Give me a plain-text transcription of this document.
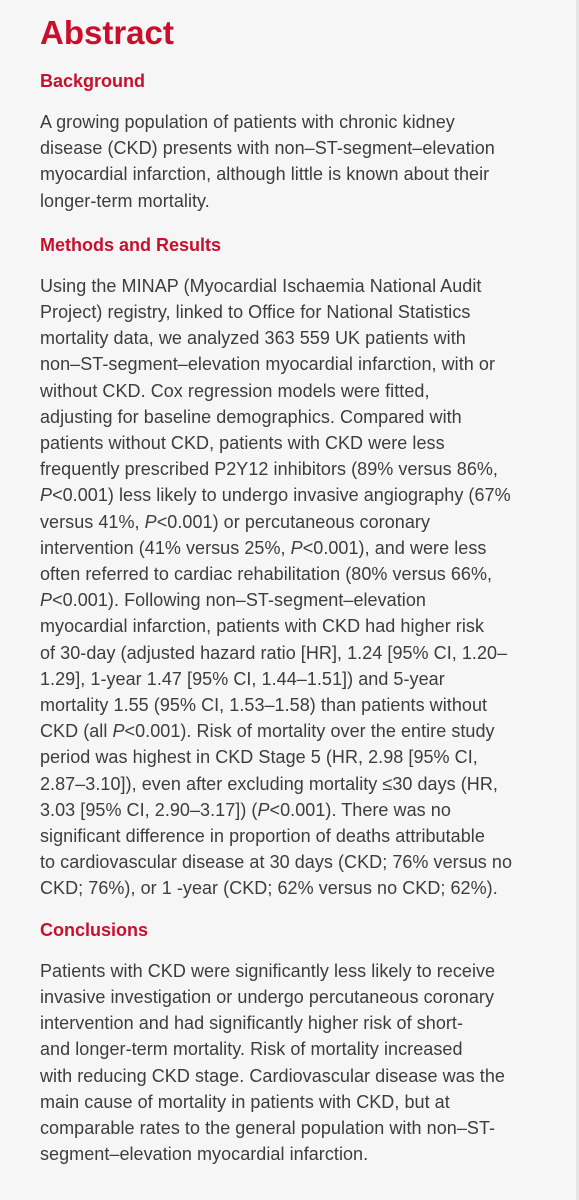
Abstract
Background

A growing population of patients with chronic kidney
disease (CKD) presents with non–ST-segment–elevation
myocardial infarction, although little is known about their
longer-term mortality.

Methods and Results

Using the MINAP (Myocardial Ischaemia National Audit
Project) registry, linked to Office for National Statistics
mortality data, we analyzed 363 559 UK patients with
non–ST-segment–elevation myocardial infarction, with or
without CKD. Cox regression models were fitted,
adjusting for baseline demographics. Compared with
patients without CKD, patients with CKD were less
frequently prescribed P2Y12 inhibitors (89% versus 86%,
P<0.001) less likely to undergo invasive angiography (67%
versus 41%, P<0.001) or percutaneous coronary
intervention (41% versus 25%, P<0.001), and were less
often referred to cardiac rehabilitation (80% versus 66%,
P<0.001). Following non–ST-segment–elevation
myocardial infarction, patients with CKD had higher risk
of 30-day (adjusted hazard ratio [HR], 1.24 [95% CI, 1.20–
1.29], 1-year 1.47 [95% CI, 1.44–1.51]) and 5-year
mortality 1.55 (95% CI, 1.53–1.58) than patients without
CKD (all P<0.001). Risk of mortality over the entire study
period was highest in CKD Stage 5 (HR, 2.98 [95% CI,
2.87–3.10]), even after excluding mortality ≤30 days (HR,
3.03 [95% CI, 2.90–3.17]) (P<0.001). There was no
significant difference in proportion of deaths attributable
to cardiovascular disease at 30 days (CKD; 76% versus no
CKD; 76%), or 1 -year (CKD; 62% versus no CKD; 62%).

Conclusions

Patients with CKD were significantly less likely to receive
invasive investigation or undergo percutaneous coronary
intervention and had significantly higher risk of short-
and longer-term mortality. Risk of mortality increased
with reducing CKD stage. Cardiovascular disease was the
main cause of mortality in patients with CKD, but at
comparable rates to the general population with non–ST-
segment–elevation myocardial infarction.
